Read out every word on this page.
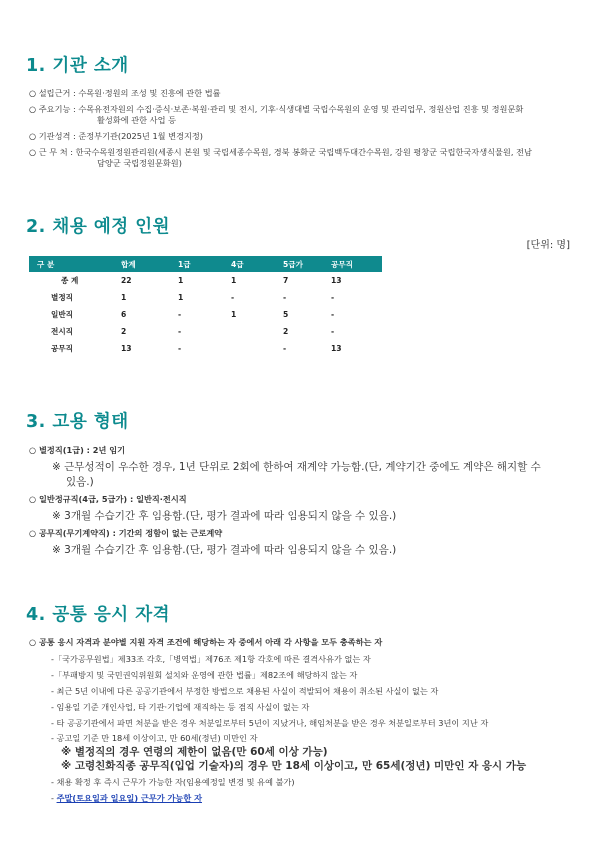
1. 기관 소개
○ 설립근거 : 수목원·정원의 조성 및 진흥에 관한 법률
○ 주요기능 : 수목유전자원의 수집·증식·보존·복원·관리 및 전시, 기후·식생대별 국립수목원의 운영 및 관리업무, 정원산업 진흥 및 정원문화
활성화에 관한 사업 등
○ 기관성격 : 준정부기관(2025년 1월 변경지정)
○ 근 무 처 : 한국수목원정원관리원(세종시 본원 및 국립세종수목원, 경북 봉화군 국립백두대간수목원, 강원 평창군 국립한국자생식물원, 전남
담양군 국립정원문화원)
2. 채용 예정 인원
[단위: 명]
구 분	합계	1급	4급	5급가	공무직
종 계	22	1	1	7	13
별정직	1	1	-	-	-
일반직	6	-	1	5	-
전시직	2	-		2	-
공무직	13	-		-	13
3. 고용 형태
○ 별정직(1급) : 2년 임기
※ 근무성적이 우수한 경우, 1년 단위로 2회에 한하여 재계약 가능함.(단, 계약기간 중에도 계약은 해지할 수
있음.)
○ 일반정규직(4급, 5급가) : 일반직·전시직
※ 3개월 수습기간 후 임용함.(단, 평가 결과에 따라 임용되지 않을 수 있음.)
○ 공무직(무기계약직) : 기간의 정함이 없는 근로계약
※ 3개월 수습기간 후 임용함.(단, 평가 결과에 따라 임용되지 않을 수 있음.)
4. 공통 응시 자격
○ 공통 응시 자격과 분야별 지원 자격 조건에 해당하는 자 중에서 아래 각 사항을 모두 충족하는 자
-「국가공무원법」제33조 각호,「병역법」제76조 제1항 각호에 따른 결격사유가 없는 자
-「부패방지 및 국민권익위원회 설치와 운영에 관한 법률」제82조에 해당하지 않는 자
- 최근 5년 이내에 다른 공공기관에서 부정한 방법으로 채용된 사실이 적발되어 채용이 취소된 사실이 없는 자
- 임용일 기준 개인사업, 타 기관·기업에 재직하는 등 겸직 사실이 없는 자
- 타 공공기관에서 파면 처분을 받은 경우 처분일로부터 5년이 지났거나, 해임처분을 받은 경우 처분일로부터 3년이 지난 자
- 공고일 기준 만 18세 이상이고, 만 60세(정년) 미만인 자
※ 별정직의 경우 연령의 제한이 없음(만 60세 이상 가능)
※ 고령친화직종 공무직(입업 기술자)의 경우 만 18세 이상이고, 만 65세(정년) 미만인 자 응시 가능
- 채용 확정 후 즉시 근무가 가능한 자(임용예정일 변경 및 유예 불가)
- 주말(토요일과 일요일) 근무가 가능한 자
